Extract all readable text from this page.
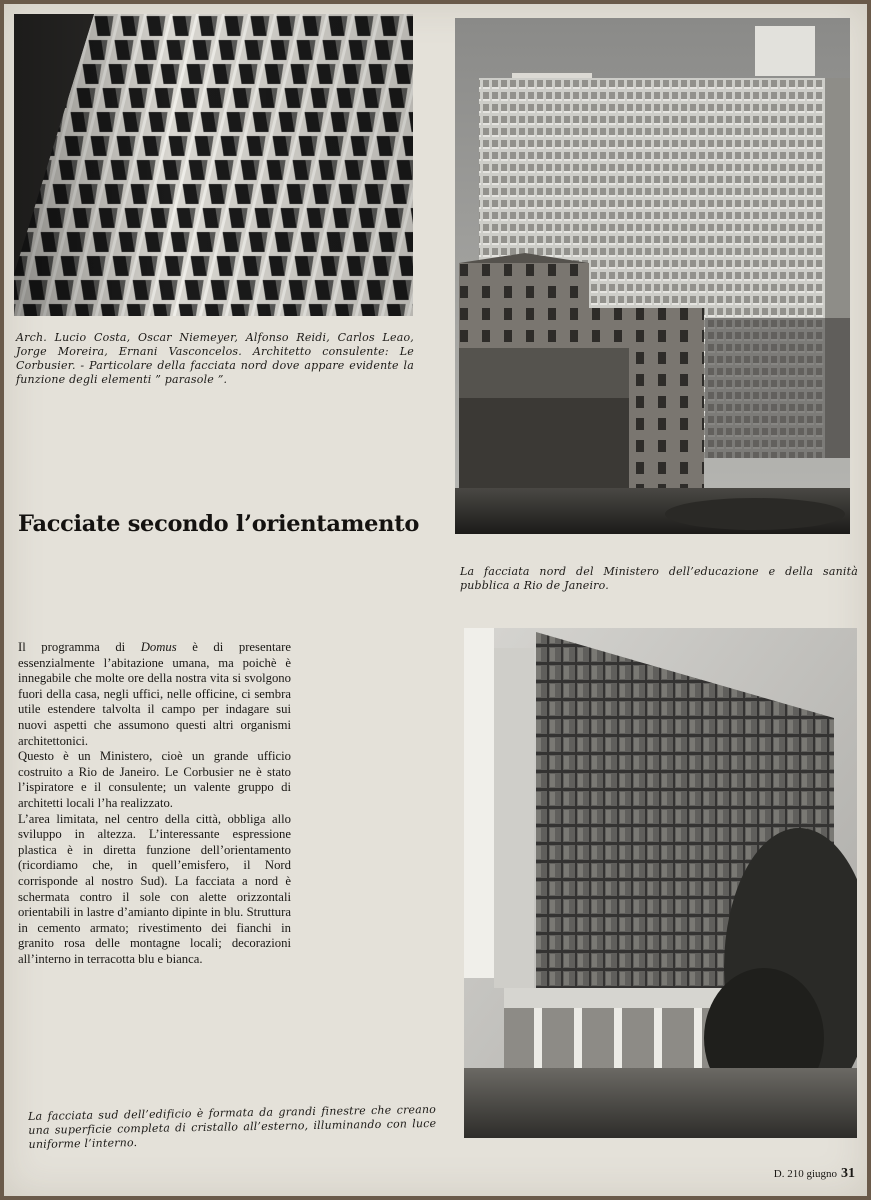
Arch. Lucio Costa, Oscar Niemeyer, Alfonso Reidi, Carlos Leao, Jorge Moreira, Ernani Vasconcelos. Architetto consulente: Le Corbusier. - Particolare della facciata nord dove appare evidente la funzione degli elementi ” parasole ”.
Facciate secondo l’orientamento
La facciata nord del Ministero dell’educazione e della sanità pubblica a Rio de Janeiro.

Il programma di Domus è di presentare essenzialmente l’abitazione umana, ma poichè è innegabile che molte ore della nostra vita si svolgono fuori della casa, negli uffici, nelle officine, ci sembra utile estendere talvolta il campo per indagare sui nuovi aspetti che assumono questi altri organismi architettonici.

Questo è un Ministero, cioè un grande ufficio costruito a Rio de Janeiro. Le Corbusier ne è stato l’ispiratore e il consulente; un valente gruppo di architetti locali l’ha realizzato.

L’area limitata, nel centro della città, obbliga allo sviluppo in altezza. L’interessante espressione plastica è in diretta funzione dell’orientamento (ricordiamo che, in quell’emisfero, il Nord corrisponde al nostro Sud). La facciata a nord è schermata contro il sole con alette orizzontali orientabili in lastre d’amianto dipinte in blu. Struttura in cemento armato; rivestimento dei fianchi in granito rosa delle montagne locali; decorazioni all’interno in terracotta blu e bianca.

La facciata sud dell’edificio è formata da grandi finestre che creano una superficie completa di cristallo all’esterno, illuminando con luce uniforme l’interno.
D. 210 giugno 31
